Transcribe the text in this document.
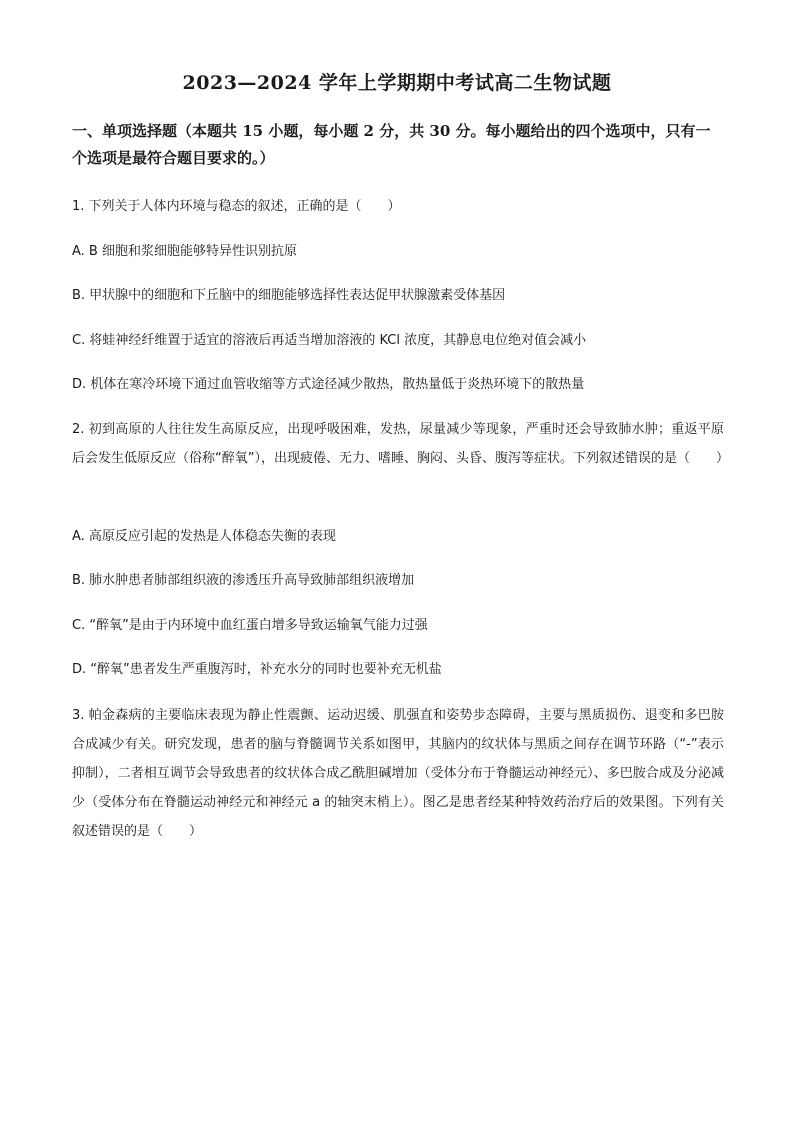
2023—2024 学年上学期期中考试高二生物试题
一、单项选择题（本题共 15 小题，每小题 2 分，共 30 分。每小题给出的四个选项中，只有一个选项是最符合题目要求的。）
1. 下列关于人体内环境与稳态的叙述，正确的是（　　）
A. B 细胞和浆细胞能够特异性识别抗原
B. 甲状腺中的细胞和下丘脑中的细胞能够选择性表达促甲状腺激素受体基因
C. 将蛙神经纤维置于适宜的溶液后再适当增加溶液的 KCl 浓度，其静息电位绝对值会减小
D. 机体在寒冷环境下通过血管收缩等方式途径减少散热，散热量低于炎热环境下的散热量
2. 初到高原的人往往发生高原反应，出现呼吸困难，发热，尿量减少等现象，严重时还会导致肺水肿；重返平原后会发生低原反应（俗称“醉氧”），出现疲倦、无力、嗜睡、胸闷、头昏、腹泻等症状。下列叙述错误的是（　　）
A. 高原反应引起的发热是人体稳态失衡的表现
B. 肺水肿患者肺部组织液的渗透压升高导致肺部组织液增加
C. “醉氧”是由于内环境中血红蛋白增多导致运输氧气能力过强
D. “醉氧”患者发生严重腹泻时，补充水分的同时也要补充无机盐
3. 帕金森病的主要临床表现为静止性震颤、运动迟缓、肌强直和姿势步态障碍，主要与黑质损伤、退变和多巴胺合成减少有关。研究发现，患者的脑与脊髓调节关系如图甲，其脑内的纹状体与黑质之间存在调节环路（“-”表示抑制），二者相互调节会导致患者的纹状体合成乙酰胆碱增加（受体分布于脊髓运动神经元）、多巴胺合成及分泌减少（受体分布在脊髓运动神经元和神经元 a 的轴突末梢上）。图乙是患者经某种特效药治疗后的效果图。下列有关叙述错误的是（　　）
